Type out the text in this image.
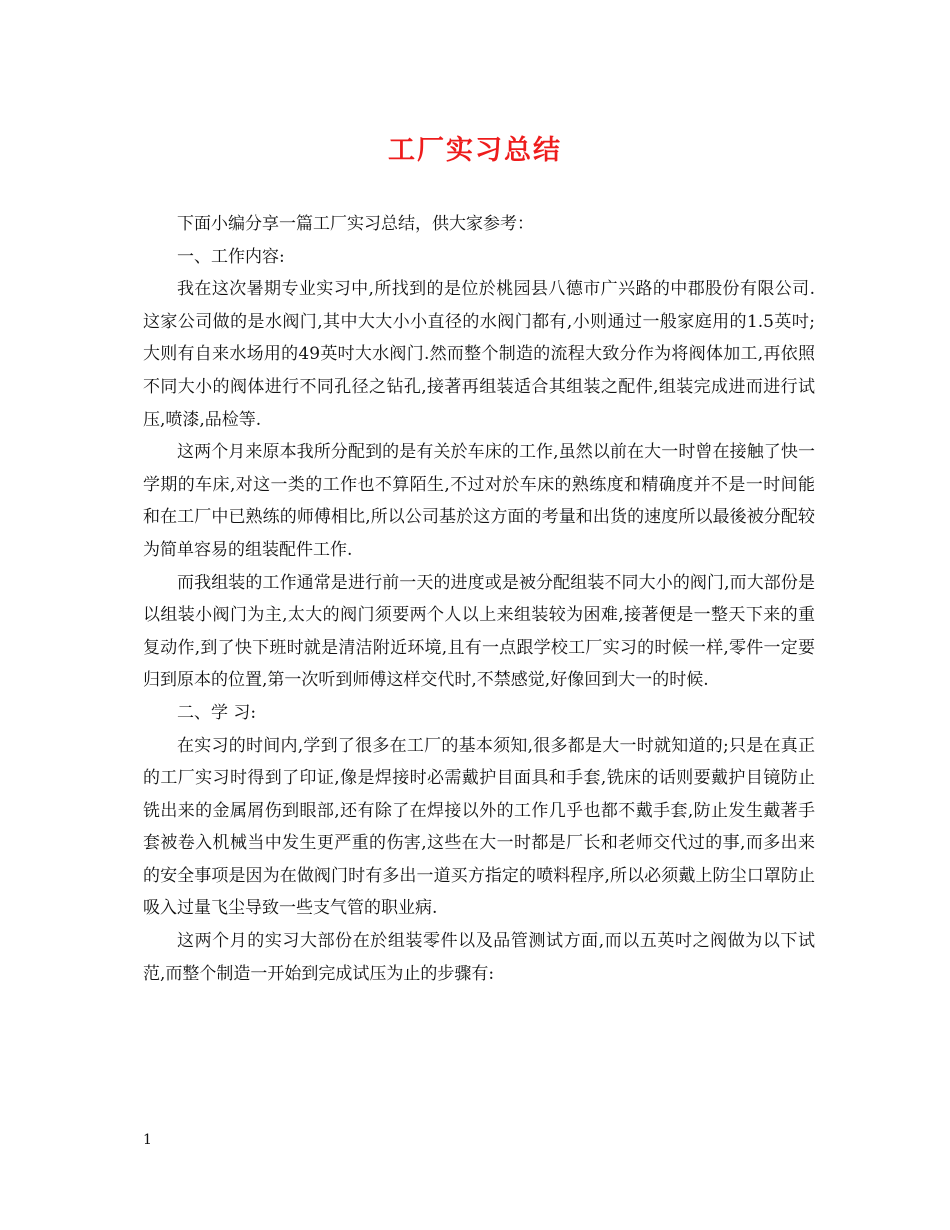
工厂实习总结

下面小编分享一篇工厂实习总结，供大家参考：

一、工作内容:

我在这次暑期专业实习中,所找到的是位於桃园县八德市广兴路的中郡股份有限公司.这家公司做的是水阀门,其中大大小小直径的水阀门都有,小则通过一般家庭用的1.5英吋;大则有自来水场用的49英吋大水阀门.然而整个制造的流程大致分作为将阀体加工,再依照不同大小的阀体进行不同孔径之钻孔,接著再组装适合其组装之配件,组装完成进而进行试压,喷漆,品检等.

这两个月来原本我所分配到的是有关於车床的工作,虽然以前在大一时曾在接触了快一学期的车床,对这一类的工作也不算陌生,不过对於车床的熟练度和精确度并不是一时间能和在工厂中已熟练的师傅相比,所以公司基於这方面的考量和出货的速度所以最後被分配较为简单容易的组装配件工作.

而我组装的工作通常是进行前一天的进度或是被分配组装不同大小的阀门,而大部份是以组装小阀门为主,太大的阀门须要两个人以上来组装较为困难,接著便是一整天下来的重复动作,到了快下班时就是清洁附近环境,且有一点跟学校工厂实习的时候一样,零件一定要归到原本的位置,第一次听到师傅这样交代时,不禁感觉,好像回到大一的时候.

二、学 习:

在实习的时间内,学到了很多在工厂的基本须知,很多都是大一时就知道的;只是在真正的工厂实习时得到了印证,像是焊接时必需戴护目面具和手套,铣床的话则要戴护目镜防止铣出来的金属屑伤到眼部,还有除了在焊接以外的工作几乎也都不戴手套,防止发生戴著手套被卷入机械当中发生更严重的伤害,这些在大一时都是厂长和老师交代过的事,而多出来的安全事项是因为在做阀门时有多出一道买方指定的喷料程序,所以必须戴上防尘口罩防止吸入过量飞尘导致一些支气管的职业病.

这两个月的实习大部份在於组装零件以及品管测试方面,而以五英吋之阀做为以下试范,而整个制造一开始到完成试压为止的步骤有:

1
